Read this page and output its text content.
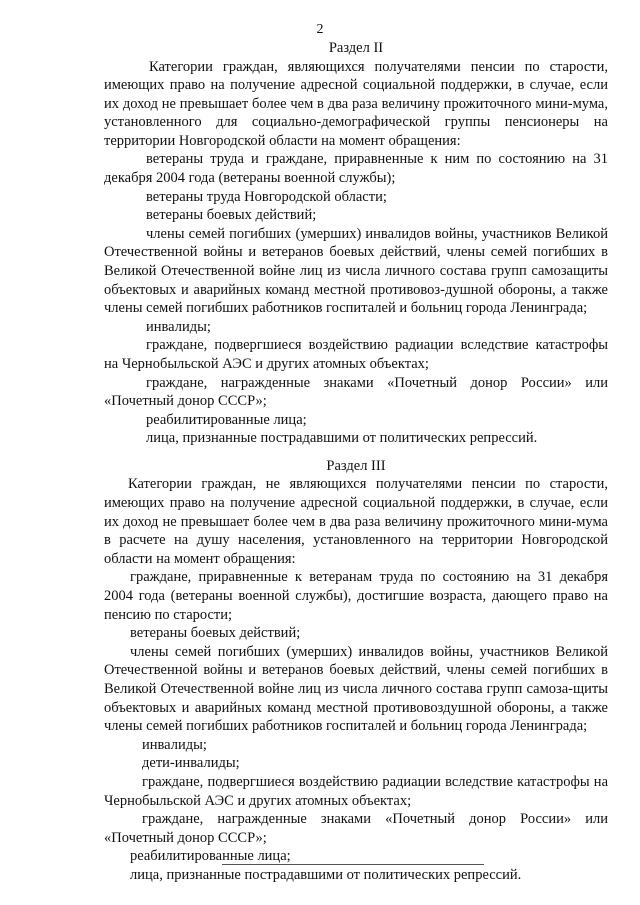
2
Раздел II

Категории граждан, являющихся получателями пенсии по старости, имеющих право на получение адресной социальной поддержки, в случае, если их доход не превышает более чем в два раза величину прожиточного мини-мума, установленного для социально-демографической группы пенсионеры на территории Новгородской области на момент обращения:

ветераны труда и граждане, приравненные к ним по состоянию на 31 декабря 2004 года (ветераны военной службы);

ветераны труда Новгородской области;

ветераны боевых действий;

члены семей погибших (умерших) инвалидов войны, участников Великой Отечественной войны и ветеранов боевых действий, члены семей погибших в Великой Отечественной войне лиц из числа личного состава групп самозащиты объектовых и аварийных команд местной противовоз-душной обороны, а также члены семей погибших работников госпиталей и больниц города Ленинграда;

инвалиды;

граждане, подвергшиеся воздействию радиации вследствие катастрофы на Чернобыльской АЭС и других атомных объектах;

граждане, награжденные знаками «Почетный донор России» или «Почетный донор СССР»;

реабилитированные лица;

лица, признанные пострадавшими от политических репрессий.

Раздел III

Категории граждан, не являющихся получателями пенсии по старости, имеющих право на получение адресной социальной поддержки, в случае, если их доход не превышает более чем в два раза величину прожиточного мини-мума в расчете на душу населения, установленного на территории Новгородской области на момент обращения:

граждане, приравненные к ветеранам труда по состоянию на 31 декабря 2004 года (ветераны военной службы), достигшие возраста, дающего право на пенсию по старости;

ветераны боевых действий;

члены семей погибших (умерших) инвалидов войны, участников Великой Отечественной войны и ветеранов боевых действий, члены семей погибших в Великой Отечественной войне лиц из числа личного состава групп самоза-щиты объектовых и аварийных команд местной противовоздушной обороны, а также члены семей погибших работников госпиталей и больниц города Ленинграда;

инвалиды;

дети-инвалиды;

граждане, подвергшиеся воздействию радиации вследствие катастрофы на Чернобыльской АЭС и других атомных объектах;

граждане, награжденные знаками «Почетный донор России» или «Почетный донор СССР»;

реабилитированные лица;

лица, признанные пострадавшими от политических репрессий.
